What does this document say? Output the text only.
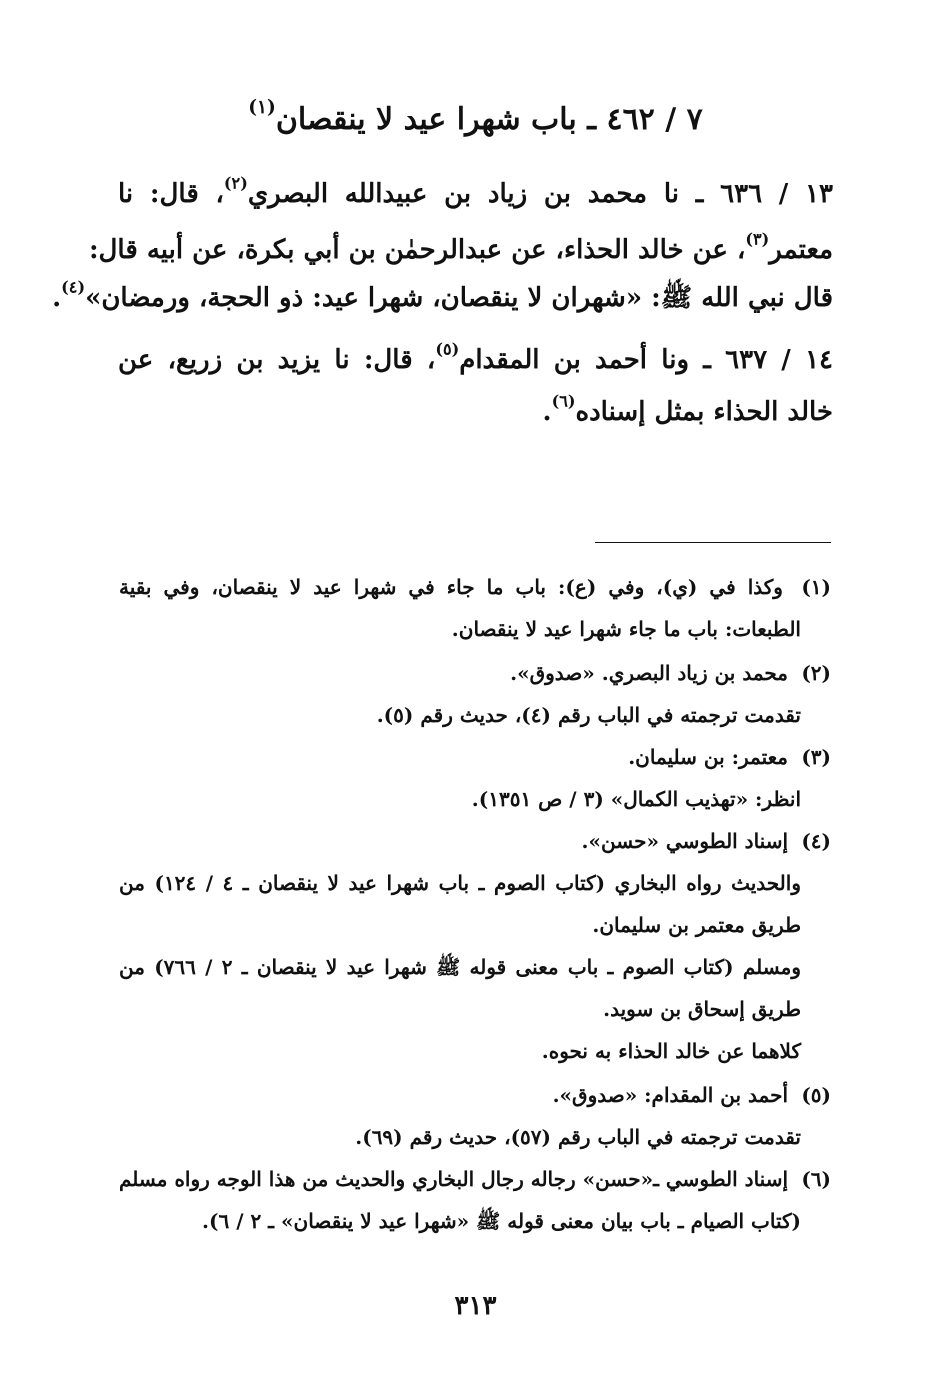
٧ / ٤٦٢ ـ باب شهرا عيد لا ينقصان$^{(١)}$
١٣ / ٦٣٦ ـ نا محمد بن زياد بن عبيدالله البصري$^{(٢)}$، قال: نا
معتمر$^{(٣)}$، عن خالد الحذاء، عن عبدالرحمٰن بن أبي بكرة، عن أبيه قال:
قال نبي الله ﷺ: «شهران لا ينقصان، شهرا عيد: ذو الحجة، ورمضان»$^{(٤)}$.
١٤ / ٦٣٧ ـ ونا أحمد بن المقدام$^{(٥)}$، قال: نا يزيد بن زريع، عن
خالد الحذاء بمثل إسناده$^{(٦)}$.
(١) وكذا في (ي)، وفي (ع): باب ما جاء في شهرا عيد لا ينقصان، وفي بقية
الطبعات: باب ما جاء شهرا عيد لا ينقصان.
(٢) محمد بن زياد البصري. «صدوق».
تقدمت ترجمته في الباب رقم (٤)، حديث رقم (٥).
(٣) معتمر: بن سليمان.
انظر: «تهذيب الكمال» (٣ / ص ١٣٥١).
(٤) إسناد الطوسي «حسن».
والحديث رواه البخاري (كتاب الصوم ـ باب شهرا عيد لا ينقصان ـ ٤ / ١٢٤) من
طريق معتمر بن سليمان.
ومسلم (كتاب الصوم ـ باب معنى قوله ﷺ شهرا عيد لا ينقصان ـ ٢ / ٧٦٦) من
طريق إسحاق بن سويد.
كلاهما عن خالد الحذاء به نحوه.
(٥) أحمد بن المقدام: «صدوق».
تقدمت ترجمته في الباب رقم (٥٧)، حديث رقم (٦٩).
(٦) إسناد الطوسي ـ«حسن» رجاله رجال البخاري والحديث من هذا الوجه رواه مسلم
(كتاب الصيام ـ باب بيان معنى قوله ﷺ «شهرا عيد لا ينقصان» ـ ٢ / ٦).
٣١٣
